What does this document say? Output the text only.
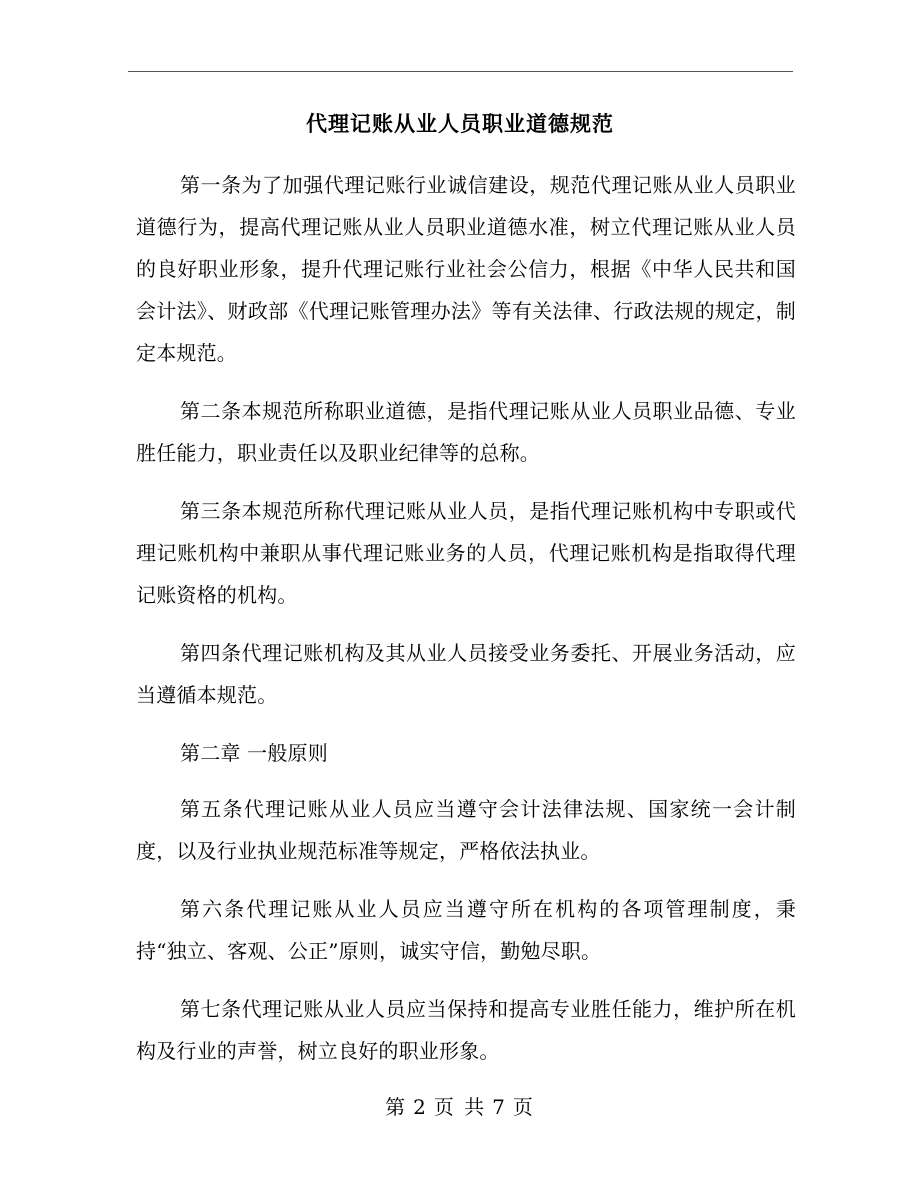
代理记账从业人员职业道德规范

第一条为了加强代理记账行业诚信建设，规范代理记账从业人员职业道德行为，提高代理记账从业人员职业道德水准，树立代理记账从业人员的良好职业形象，提升代理记账行业社会公信力，根据《中华人民共和国会计法》、财政部《代理记账管理办法》等有关法律、行政法规的规定，制定本规范。

第二条本规范所称职业道德，是指代理记账从业人员职业品德、专业胜任能力，职业责任以及职业纪律等的总称。

第三条本规范所称代理记账从业人员，是指代理记账机构中专职或代理记账机构中兼职从事代理记账业务的人员，代理记账机构是指取得代理记账资格的机构。

第四条代理记账机构及其从业人员接受业务委托、开展业务活动，应当遵循本规范。

第二章 一般原则

第五条代理记账从业人员应当遵守会计法律法规、国家统一会计制度，以及行业执业规范标准等规定，严格依法执业。

第六条代理记账从业人员应当遵守所在机构的各项管理制度，秉持“独立、客观、公正”原则，诚实守信，勤勉尽职。

第七条代理记账从业人员应当保持和提高专业胜任能力，维护所在机构及行业的声誉，树立良好的职业形象。

第 2 页 共 7 页
